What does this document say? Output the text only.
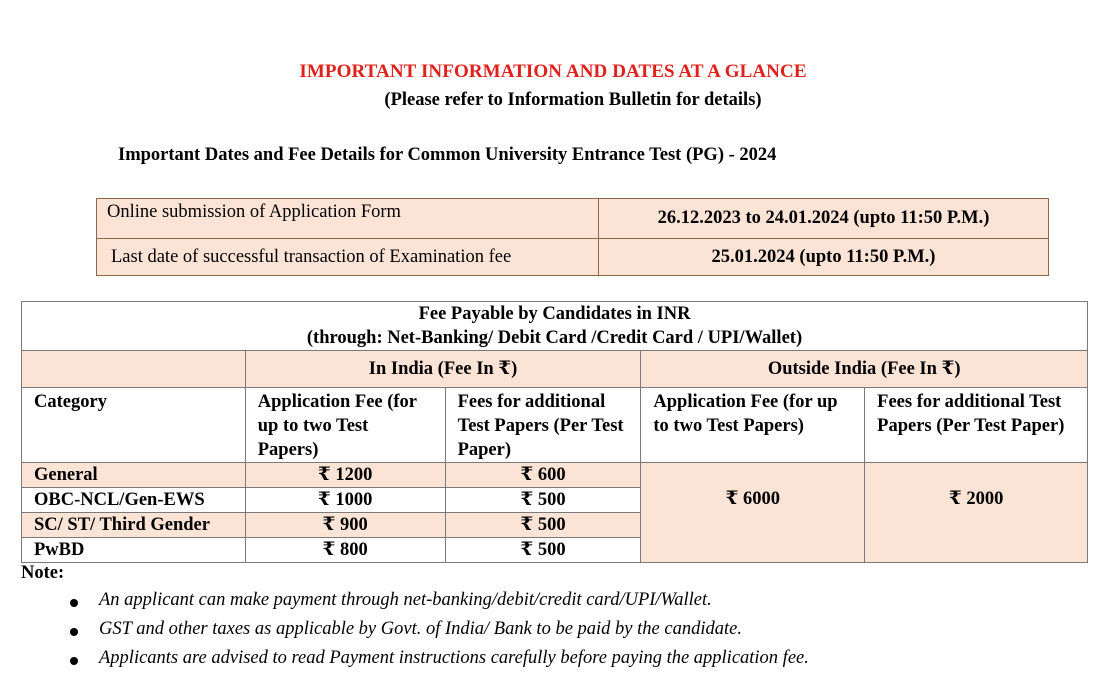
IMPORTANT INFORMATION AND DATES AT A GLANCE
(Please refer to Information Bulletin for details)
Important Dates and Fee Details for Common University Entrance Test (PG) - 2024
Online submission of Application Form	26.12.2023 to 24.01.2024 (upto 11:50 P.M.)
Last date of successful transaction of Examination fee	25.01.2024 (upto 11:50 P.M.)
Fee Payable by Candidates in INR
(through: Net-Banking/ Debit Card /Credit Card / UPI/Wallet)				

	In India (Fee In ₹)		Outside India (Fee In ₹)	
Category	Application Fee (for up to two Test Papers)	Fees for additional Test Papers (Per Test Paper)	Application Fee (for up to two Test Papers)	Fees for additional Test Papers (Per Test Paper)
General	₹ 1200	₹ 600	₹ 6000	₹ 2000
OBC-NCL/Gen-EWS	₹ 1000	₹ 500		
SC/ ST/ Third Gender	₹ 900	₹ 500		
PwBD	₹ 800	₹ 500		
Note:
An applicant can make payment through net-banking/debit/credit card/UPI/Wallet.
GST and other taxes as applicable by Govt. of India/ Bank to be paid by the candidate.
Applicants are advised to read Payment instructions carefully before paying the application fee.
